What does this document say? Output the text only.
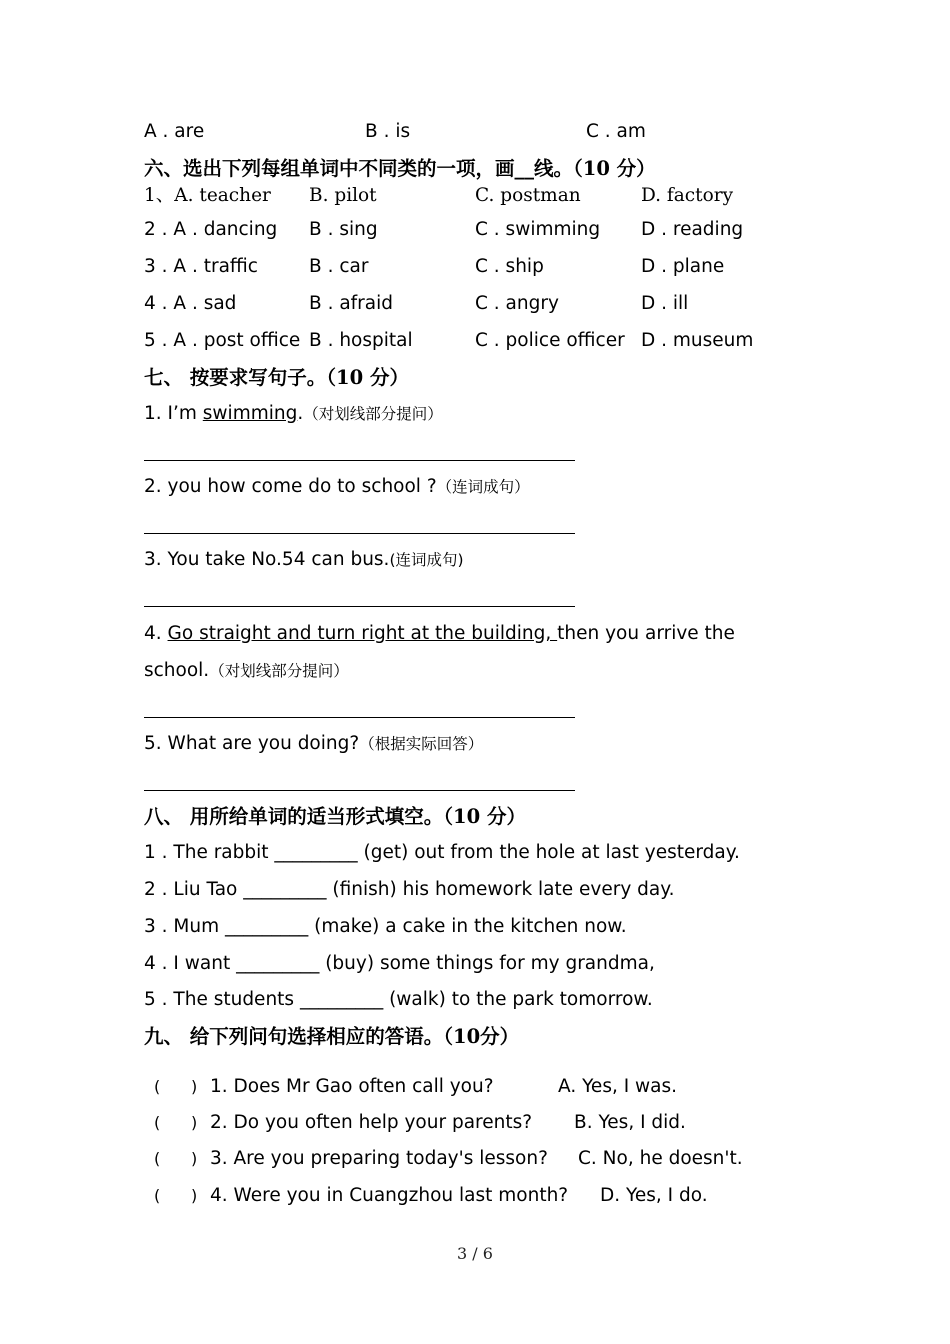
A . are	B . is	C . am
六、选出下列每组单词中不同类的一项，画__线。（10 分）
1、A. teacher B. pilot	C. postman	D. factory
2 . A . dancing B . sing	C . swimming D . reading
3 . A . traffic	B . car	C . ship	D . plane
4 . A . sad	B . afraid	C . angry	D . ill
5 . A . post office B . hospital	C . police officer D . museum
七、 按要求写句子。（10 分）
1. I’m swimming.（对划线部分提问）
2. you how come do to school ?（连词成句）
3. You take No.54 can bus.(连词成句)
4. Go straight and turn right at the building, then you arrive the
school.（对划线部分提问）
5. What are you doing?（根据实际回答）
八、 用所给单词的适当形式填空。（10 分）
1 . The rabbit _________ (get) out from the hole at last yesterday.
2 . Liu Tao _________ (finish) his homework late every day.
3 . Mum _________ (make) a cake in the kitchen now.
4 . I want _________ (buy) some things for my grandma,
5 . The students _________ (walk) to the park tomorrow.
九、 给下列问句选择相应的答语。（10分）
( ) 1. Does Mr Gao often call you?	A. Yes, I was.
( ) 2. Do you often help your parents? B. Yes, I did.
( ) 3. Are you preparing today's lesson? C. No, he doesn't.
( ) 4. Were you in Cuangzhou last month? D. Yes, I do.
3 / 6
